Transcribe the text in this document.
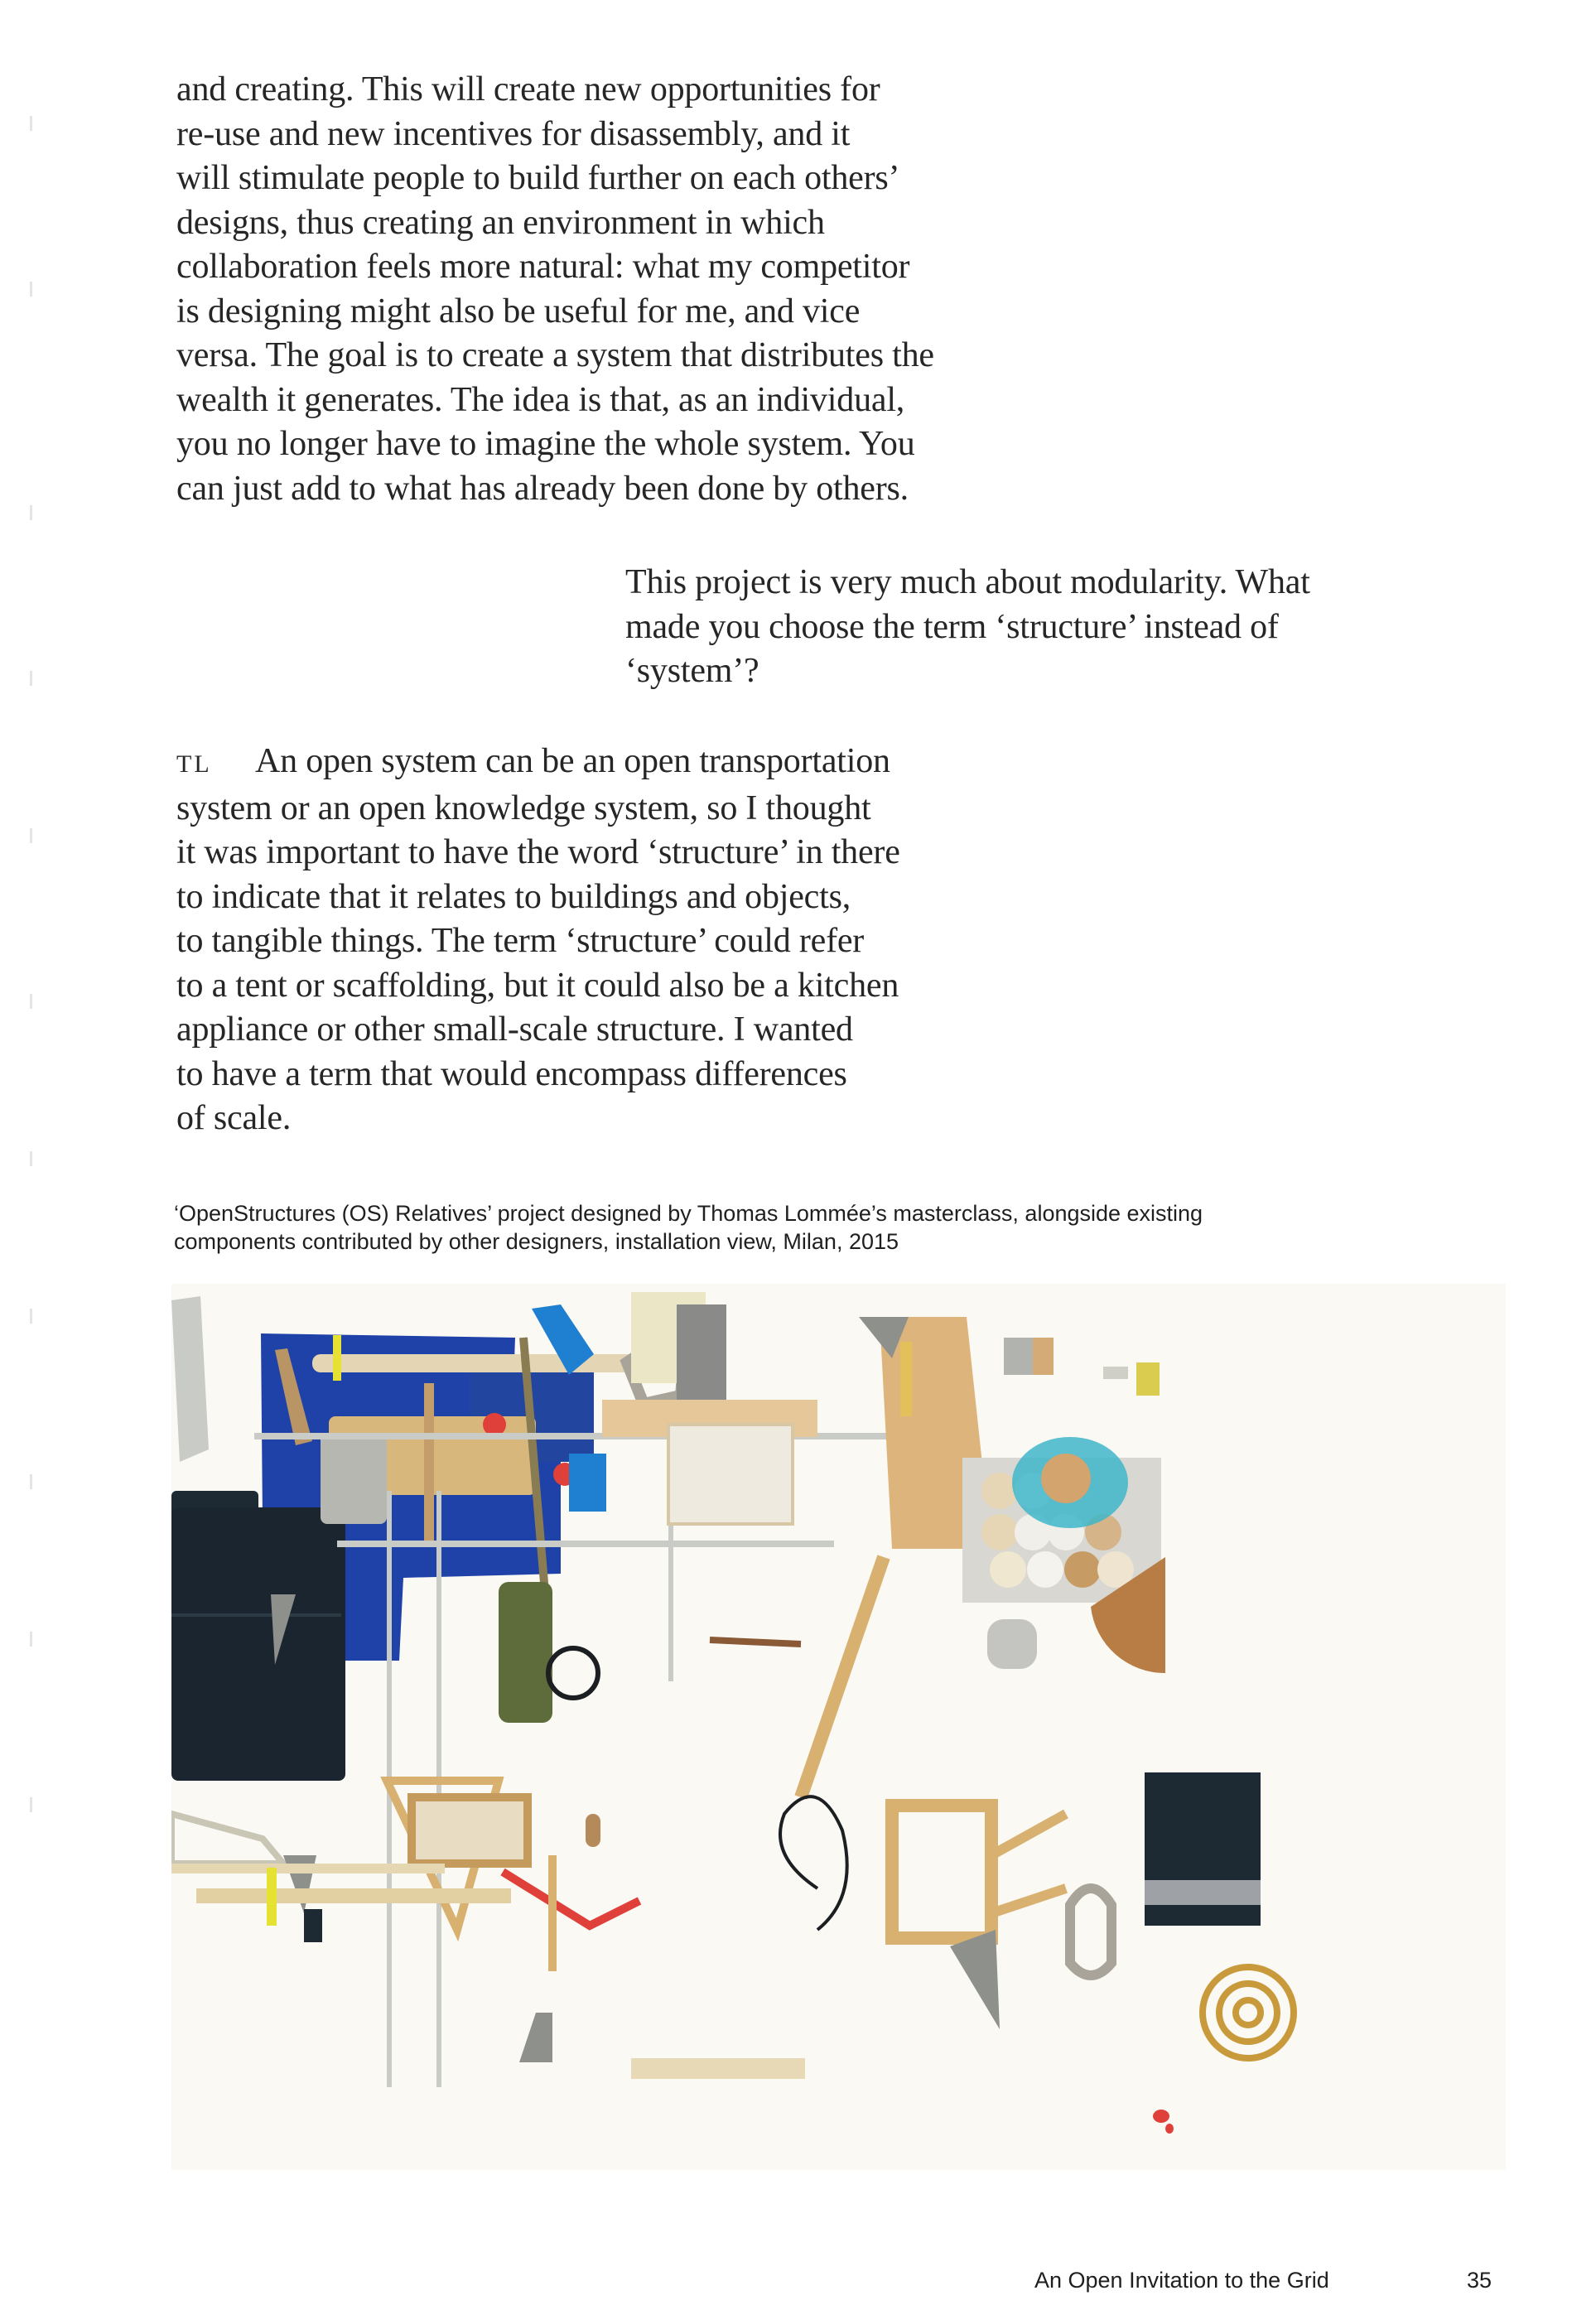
and creating. This will create new opportunities for
re-use and new incentives for disassembly, and it
will stimulate people to build further on each others’
designs, thus creating an environment in which
collaboration feels more natural: what my competitor
is designing might also be useful for me, and vice
versa. The goal is to create a system that distributes the
wealth it generates. The idea is that, as an individual,
you no longer have to imagine the whole system. You
can just add to what has already been done by others.

This project is very much about modularity. What
made you choose the term ‘structure’ instead of
‘system’?

TL An open system can be an open transportation
system or an open knowledge system, so I thought
it was important to have the word ‘structure’ in there
to indicate that it relates to buildings and objects,
to tangible things. The term ‘structure’ could refer
to a tent or scaffolding, but it could also be a kitchen
appliance or other small-scale structure. I wanted
to have a term that would encompass differences
of scale.

‘OpenStructures (OS) Relatives’ project designed by Thomas Lommée’s masterclass, alongside existing
components contributed by other designers, installation view, Milan, 2015

An Open Invitation to the Grid	35
